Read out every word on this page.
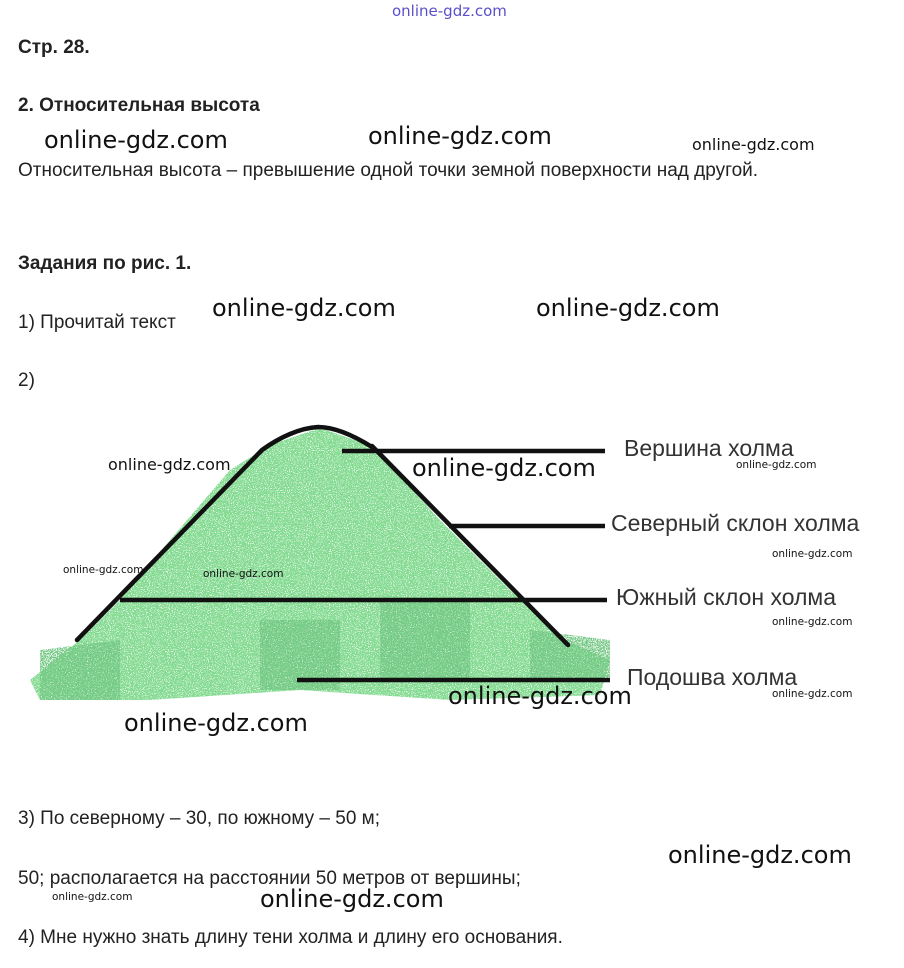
online-gdz.com
Стр. 28.
2. Относительная высота
Относительная высота – превышение одной точки земной поверхности над другой.
Задания по рис. 1.
1) Прочитай текст
2)
Вершина холма
Северный склон холма
Южный склон холма
Подошва холма
3) По северному – 30, по южному – 50 м;
50; располагается на расстоянии 50 метров от вершины;
4) Мне нужно знать длину тени холма и длину его основания.
online-gdz.com	online-gdz.com	online-gdz.com
online-gdz.com	online-gdz.com
online-gdz.com	online-gdz.com	online-gdz.com
online-gdz.com
online-gdz.com	online-gdz.com
online-gdz.com
online-gdz.com	online-gdz.com
online-gdz.com
online-gdz.com
online-gdz.com	online-gdz.com
